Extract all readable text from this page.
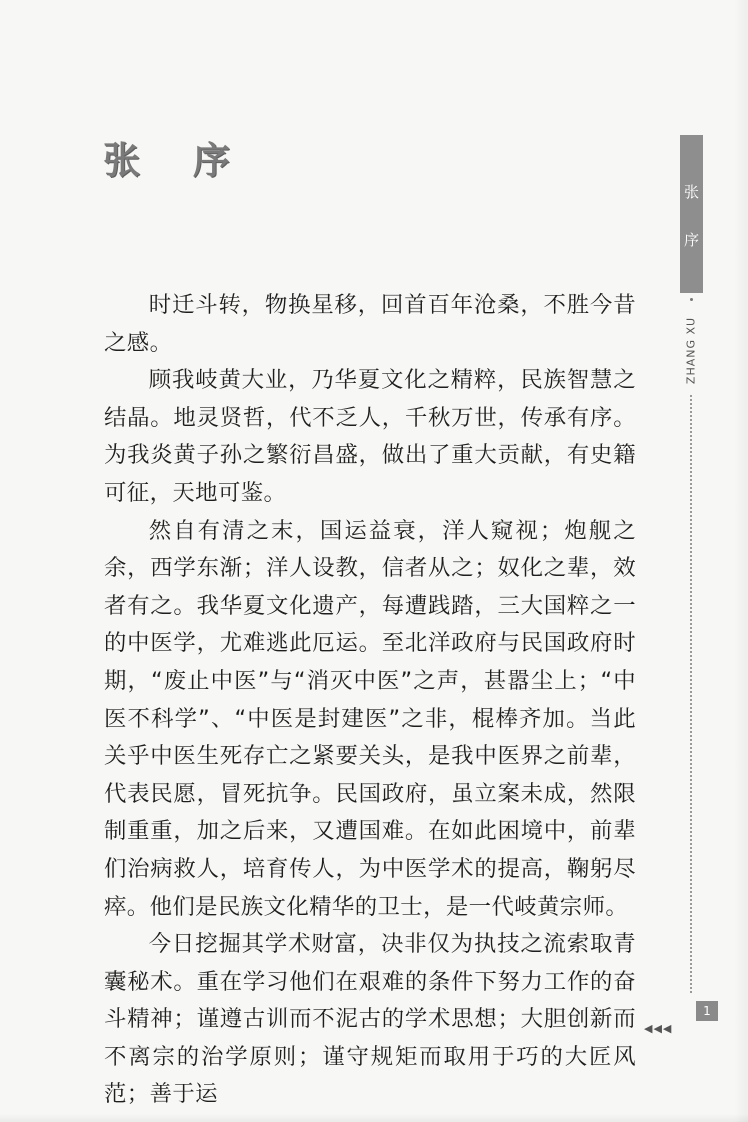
张 序

时迁斗转，物换星移，回首百年沧桑，不胜今昔之感。

顾我岐黄大业，乃华夏文化之精粹，民族智慧之结晶。地灵贤哲，代不乏人，千秋万世，传承有序。为我炎黄子孙之繁衍昌盛，做出了重大贡献，有史籍可征，天地可鉴。

然自有清之末，国运益衰，洋人窥视；炮舰之余，西学东渐；洋人设教，信者从之；奴化之辈，效者有之。我华夏文化遗产，每遭践踏，三大国粹之一的中医学，尤难逃此厄运。至北洋政府与民国政府时期，“废止中医”与“消灭中医”之声，甚嚣尘上；“中医不科学”、“中医是封建医”之非，棍棒齐加。当此关乎中医生死存亡之紧要关头，是我中医界之前辈，代表民愿，冒死抗争。民国政府，虽立案未成，然限制重重，加之后来，又遭国难。在如此困境中，前辈们治病救人，培育传人，为中医学术的提高，鞠躬尽瘁。他们是民族文化精华的卫士，是一代岐黄宗师。

今日挖掘其学术财富，决非仅为执技之流索取青囊秘术。重在学习他们在艰难的条件下努力工作的奋斗精神；谨遵古训而不泥古的学术思想；大胆创新而不离宗的治学原则；谨守规矩而取用于巧的大匠风范；善于运

张
序
ZHANG XU
1
◀◀◀
